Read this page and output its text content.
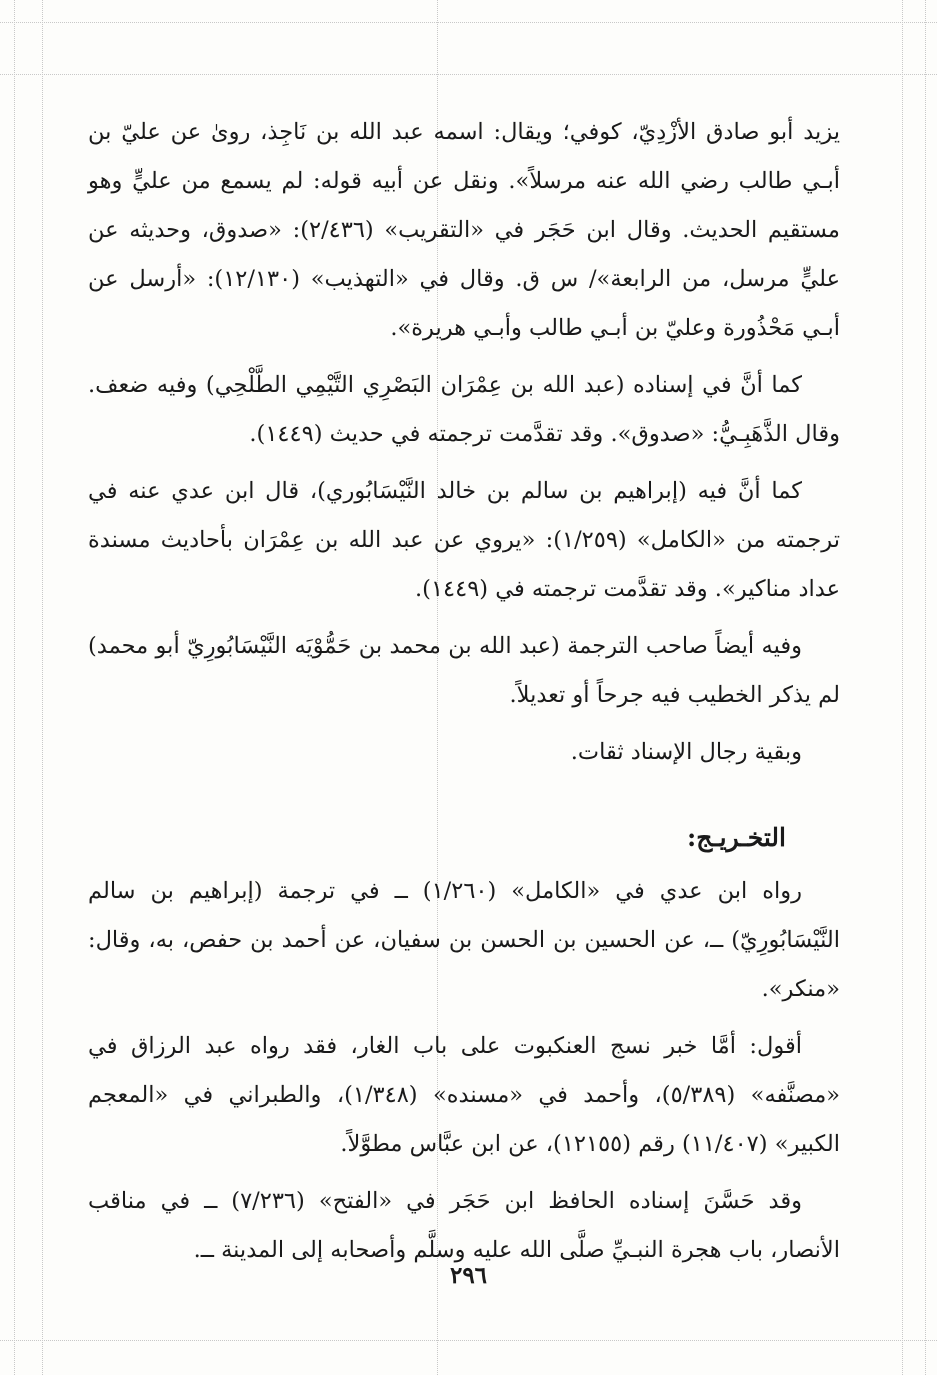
يزيد أبو صادق الأزْدِيّ، كوفي؛ ويقال: اسمه عبد الله بن نَاجِذ، روىٰ عن عليّ بن أبـي طالب رضي الله عنه مرسلاً». ونقل عن أبيه قوله: لم يسمع من عليٍّ وهو مستقيم الحديث. وقال ابن حَجَر في «التقريب» (٢/٤٣٦): «صدوق، وحديثه عن عليٍّ مرسل، من الرابعة»/ س ق. وقال في «التهذيب» (١٢/١٣٠): «أرسل عن أبـي مَحْذُورة وعليّ بن أبـي طالب وأبـي هريرة».

كما أنَّ في إسناده (عبد الله بن عِمْرَان البَصْرِي التَّيْمِي الطَّلْحِي) وفيه ضعف. وقال الذَّهَبِـيُّ: «صدوق». وقد تقدَّمت ترجمته في حديث (١٤٤٩).

كما أنَّ فيه (إبراهيم بن سالم بن خالد النَّيْسَابُوري)، قال ابن عدي عنه في ترجمته من «الكامل» (١/٢٥٩): «يروي عن عبد الله بن عِمْرَان بأحاديث مسندة عداد مناكير». وقد تقدَّمت ترجمته في (١٤٤٩).

وفيه أيضاً صاحب الترجمة (عبد الله بن محمد بن حَمُّوْيَه النَّيْسَابُورِيّ أبو محمد) لم يذكر الخطيب فيه جرحاً أو تعديلاً.

وبقية رجال الإسناد ثقات.

التخـريـج:

رواه ابن عدي في «الكامل» (١/٢٦٠) ــ في ترجمة (إبراهيم بن سالم النَّيْسَابُورِيّ) ــ، عن الحسين بن الحسن بن سفيان، عن أحمد بن حفص، به، وقال: «منكر».

أقول: أمَّا خبر نسج العنكبوت على باب الغار، فقد رواه عبد الرزاق في «مصنَّفه» (٥/٣٨٩)، وأحمد في «مسنده» (١/٣٤٨)، والطبراني في «المعجم الكبير» (١١/٤٠٧) رقم (١٢١٥٥)، عن ابن عبَّاس مطوَّلاً.

وقد حَسَّنَ إسناده الحافظ ابن حَجَر في «الفتح» (٧/٢٣٦) ــ في مناقب الأنصار، باب هجرة النبـيِّ صلَّى الله عليه وسلَّم وأصحابه إلى المدينة ــ.

٢٩٦
